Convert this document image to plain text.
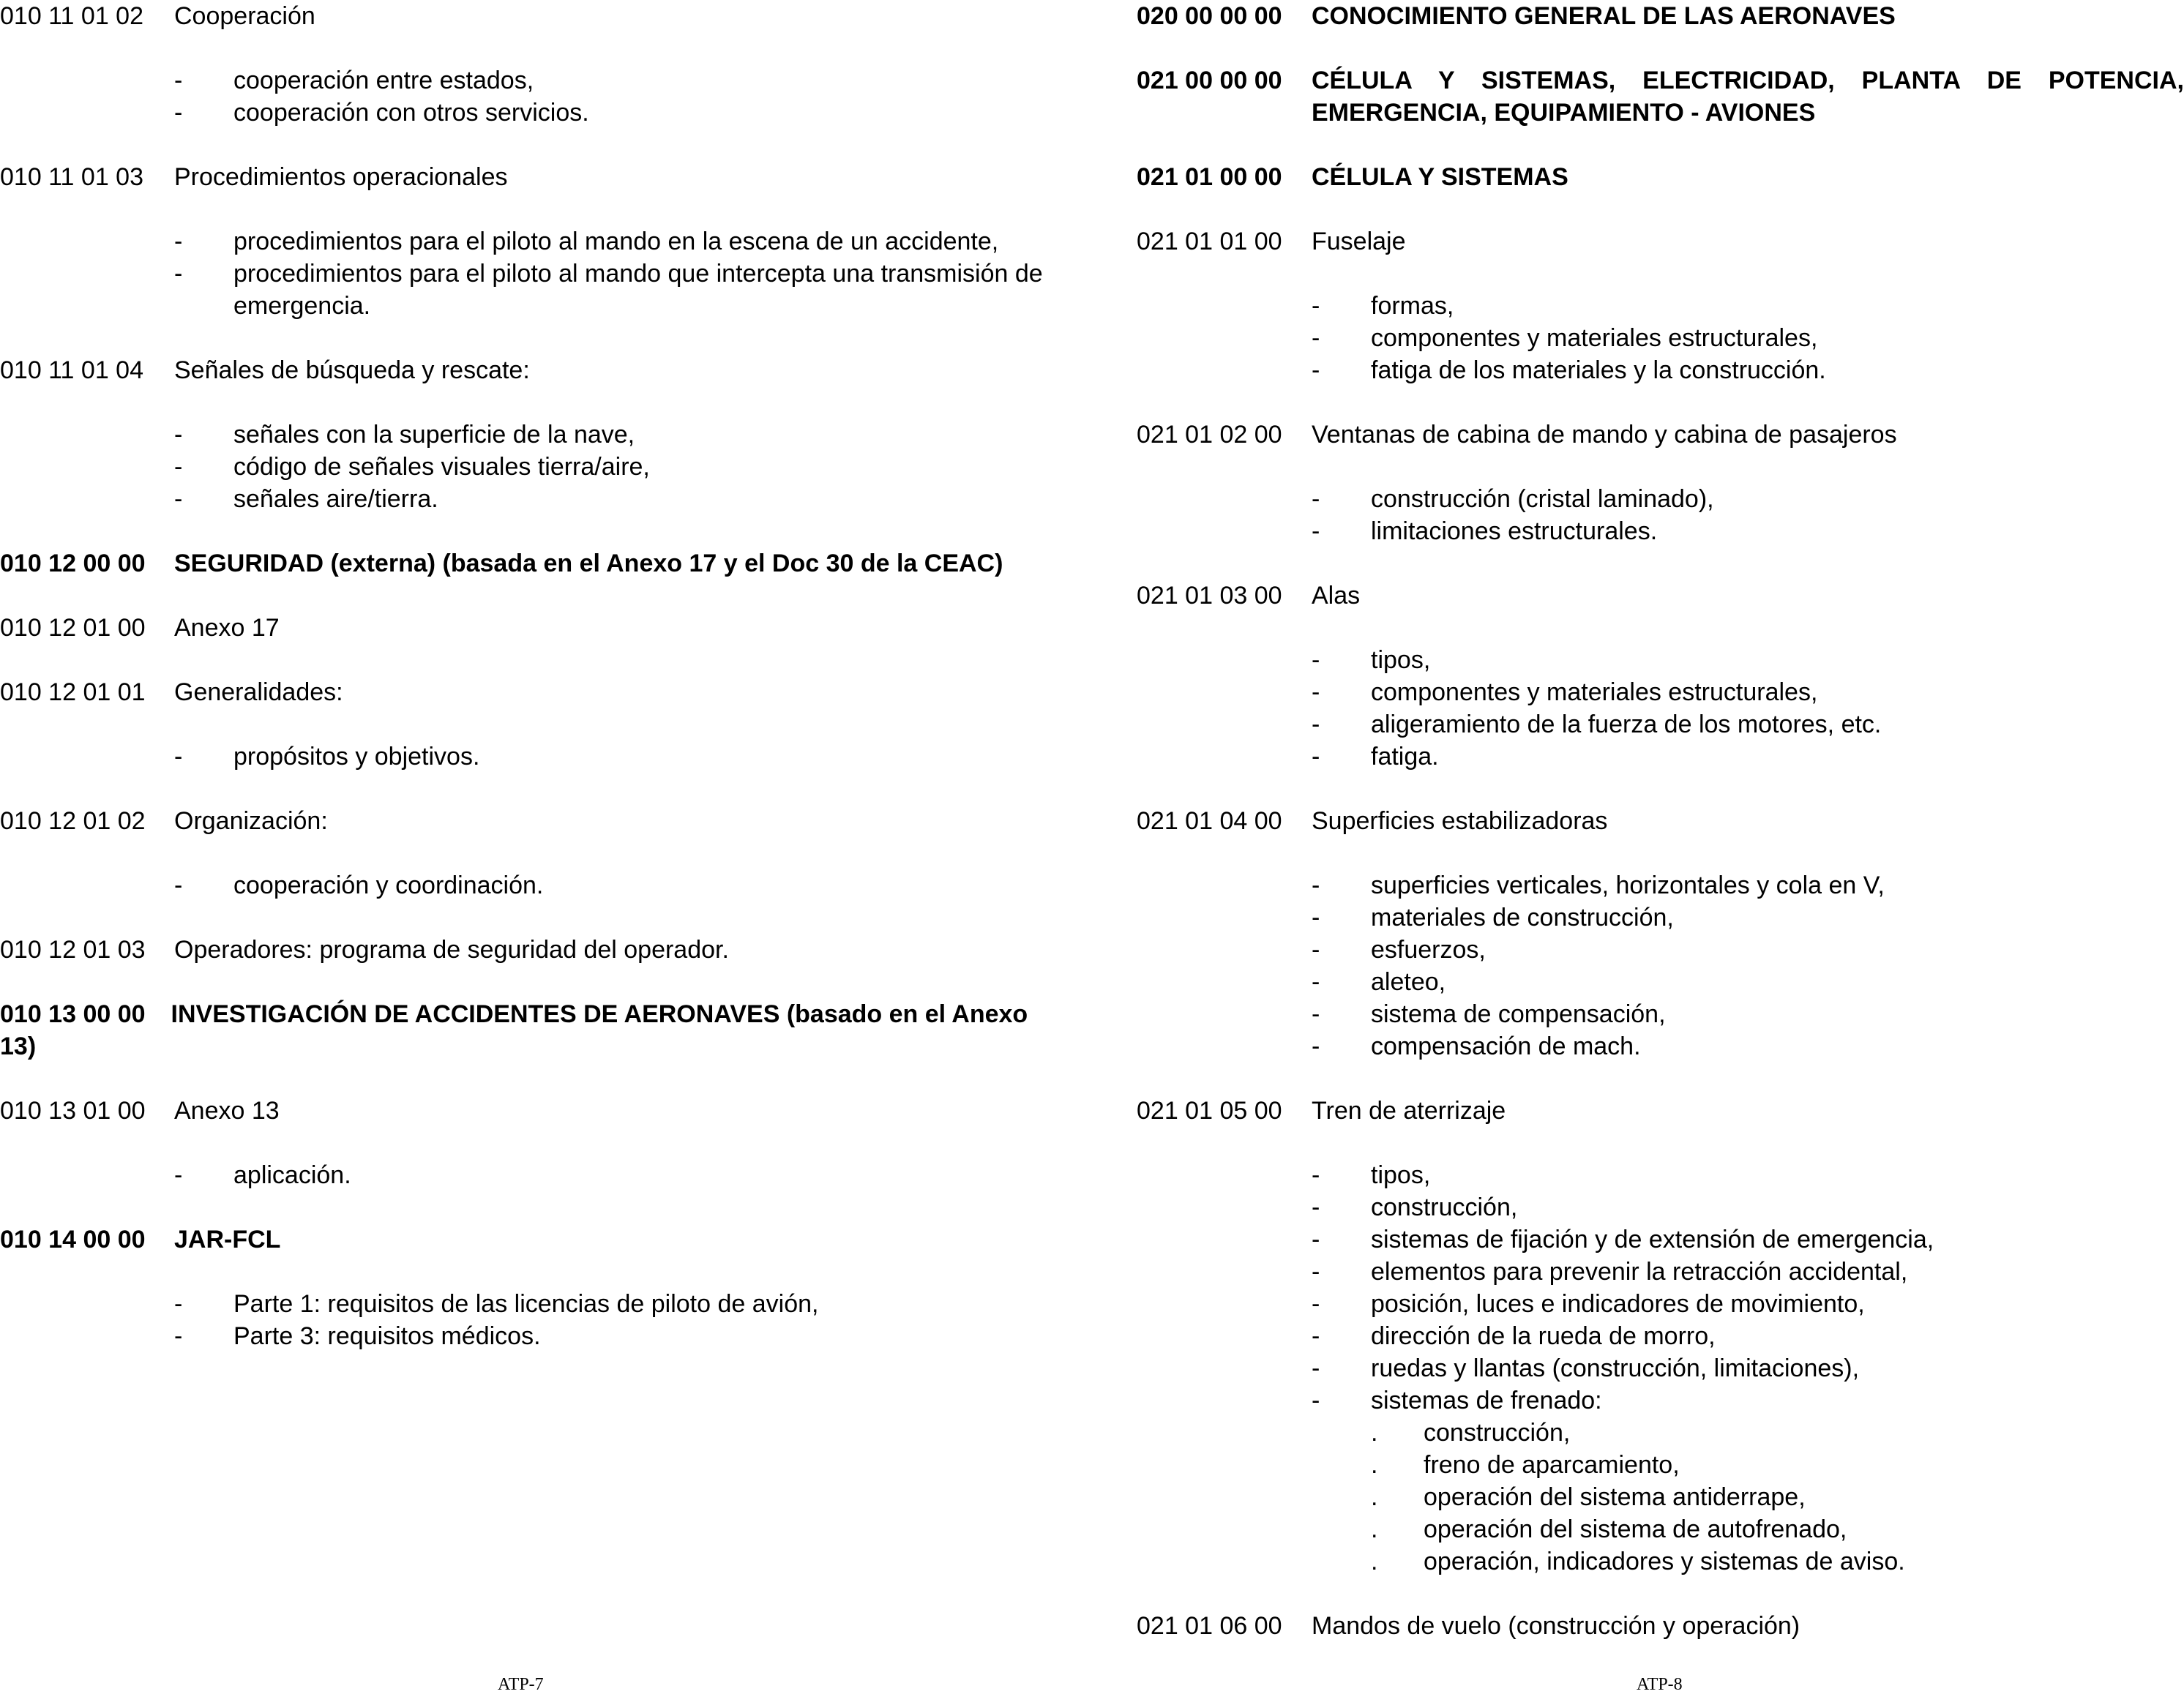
010 11 01 02	Cooperación
-	cooperación entre estados,
-	cooperación con otros servicios.
010 11 01 03	Procedimientos operacionales
-	procedimientos para el piloto al mando en la escena de un accidente,
-	procedimientos para el piloto al mando que intercepta una transmisión de emergencia.
010 11 01 04	Señales de búsqueda y rescate:
-	señales con la superficie de la nave,
-	código de señales visuales tierra/aire,
-	señales aire/tierra.
010 12 00 00	SEGURIDAD (externa) (basada en el Anexo 17 y el Doc 30 de la CEAC)
010 12 01 00	Anexo 17
010 12 01 01	Generalidades:
-	propósitos y objetivos.
010 12 01 02	Organización:
-	cooperación y coordinación.
010 12 01 03	Operadores: programa de seguridad del operador.
010 13 00 00 INVESTIGACIÓN DE ACCIDENTES DE AERONAVES (basado en el Anexo 13)
010 13 01 00	Anexo 13
-	aplicación.
010 14 00 00	JAR-FCL
-	Parte 1: requisitos de las licencias de piloto de avión,
-	Parte 3: requisitos médicos.
020 00 00 00	CONOCIMIENTO GENERAL DE LAS AERONAVES
021 00 00 00	CÉLULA Y SISTEMAS, ELECTRICIDAD, PLANTA DE POTENCIA, EMERGENCIA, EQUIPAMIENTO - AVIONES
021 01 00 00	CÉLULA Y SISTEMAS
021 01 01 00	Fuselaje
-	formas,
-	componentes y materiales estructurales,
-	fatiga de los materiales y la construcción.
021 01 02 00	Ventanas de cabina de mando y cabina de pasajeros
-	construcción (cristal laminado),
-	limitaciones estructurales.
021 01 03 00	Alas
-	tipos,
-	componentes y materiales estructurales,
-	aligeramiento de la fuerza de los motores, etc.
-	fatiga.
021 01 04 00	Superficies estabilizadoras
-	superficies verticales, horizontales y cola en V,
-	materiales de construcción,
-	esfuerzos,
-	aleteo,
-	sistema de compensación,
-	compensación de mach.
021 01 05 00	Tren de aterrizaje
-	tipos,
-	construcción,
-	sistemas de fijación y de extensión de emergencia,
-	elementos para prevenir la retracción accidental,
-	posición, luces e indicadores de movimiento,
-	dirección de la rueda de morro,
-	ruedas y llantas (construcción, limitaciones),
-	sistemas de frenado:
.	construcción,
.	freno de aparcamiento,
.	operación del sistema antiderrape,
.	operación del sistema de autofrenado,
.	operación, indicadores y sistemas de aviso.
021 01 06 00	Mandos de vuelo (construcción y operación)
ATP-7	ATP-8
